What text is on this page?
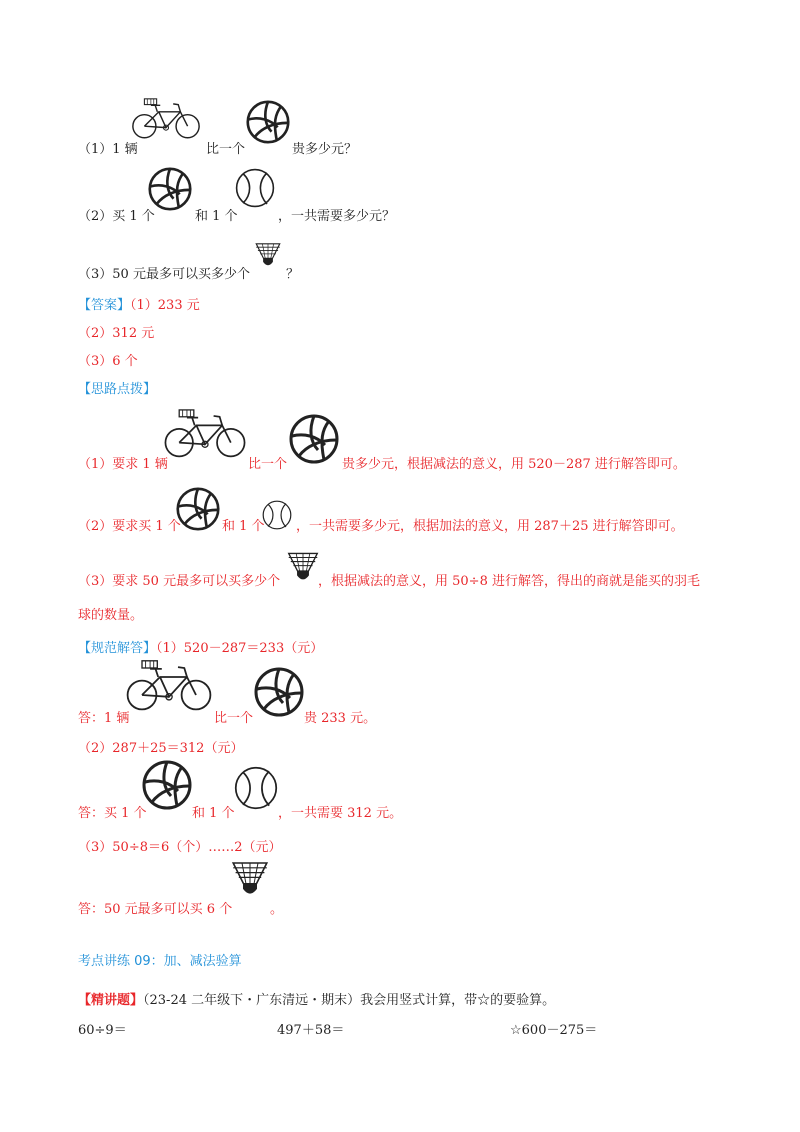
（1）1 辆	比一个	贵多少元？
（2）买 1 个	和 1 个	，一共需要多少元？
（3）50 元最多可以买多少个	？
【答案】（1）233 元
（2）312 元
（3）6 个
【思路点拨】
（1）要求 1 辆	比一个	贵多少元，根据减法的意义，用 520－287 进行解答即可。
（2）要求买 1 个	和 1 个 ，一共需要多少元，根据加法的意义，用 287＋25 进行解答即可。
（3）要求 50 元最多可以买多少个	，根据减法的意义，用 50÷8 进行解答，得出的商就是能买的羽毛
球的数量。
【规范解答】（1）520－287＝233（元）
答：1 辆	比一个	贵 233 元。
（2）287＋25＝312（元）
答：买 1 个	和 1 个	，一共需要 312 元。
（3）50÷8＝6（个）……2（元）
答：50 元最多可以买 6 个	。
考点讲练 09：加、减法验算
【精讲题】（23-24 二年级下・广东清远・期末）我会用竖式计算，带☆的要验算。
60÷9＝	497＋58＝	☆600－275＝
